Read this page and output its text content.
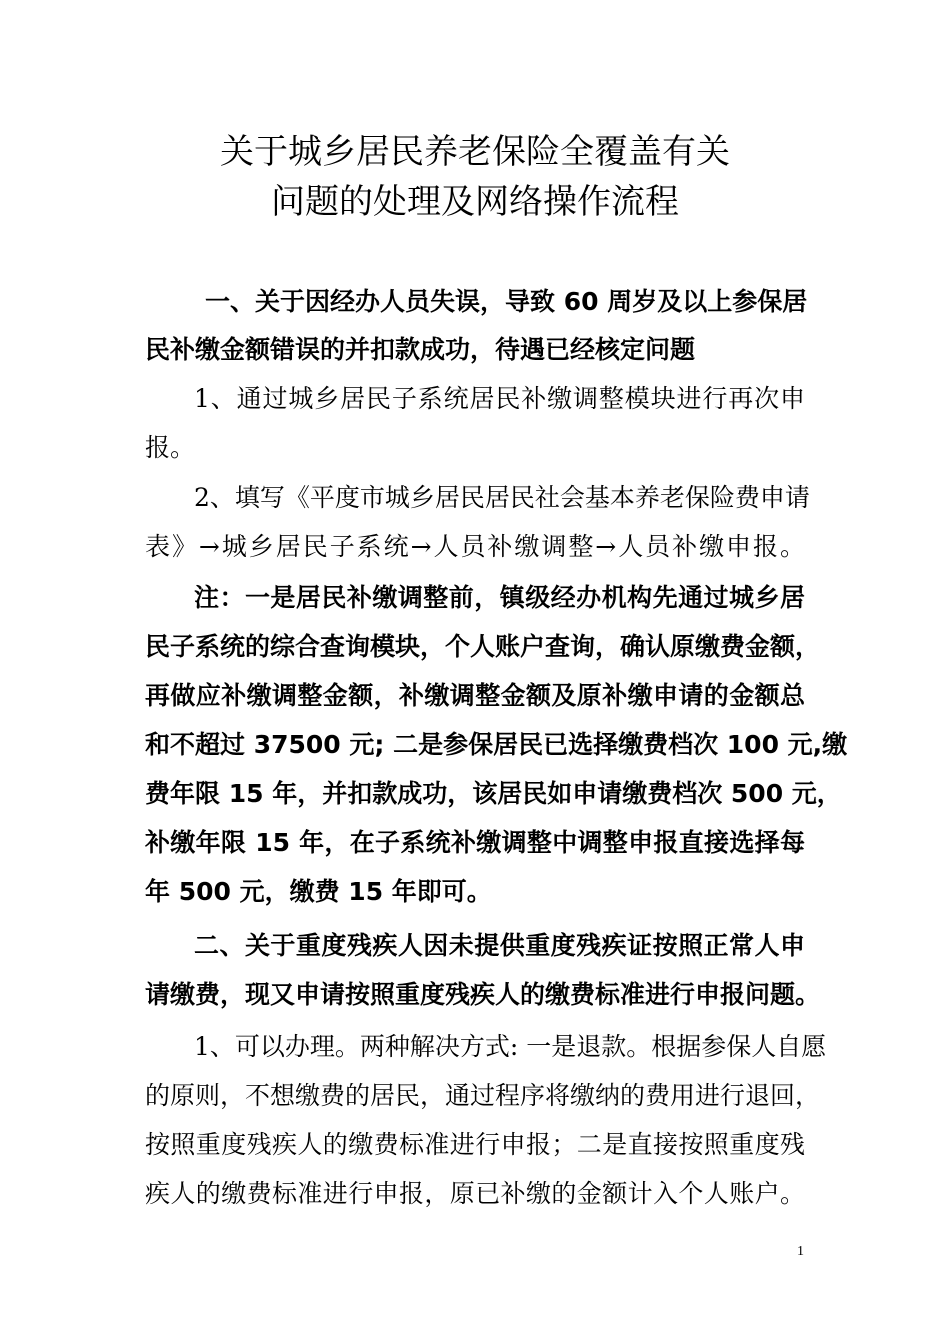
关于城乡居民养老保险全覆盖有关
问题的处理及网络操作流程
一、关于因经办人员失误，导致 60 周岁及以上参保居
民补缴金额错误的并扣款成功，待遇已经核定问题
1、通过城乡居民子系统居民补缴调整模块进行再次申
报。
2、填写《平度市城乡居民居民社会基本养老保险费申请
表》→城乡居民子系统→人员补缴调整→人员补缴申报。
注：一是居民补缴调整前，镇级经办机构先通过城乡居
民子系统的综合查询模块，个人账户查询，确认原缴费金额，
再做应补缴调整金额，补缴调整金额及原补缴申请的金额总
和不超过 37500 元; 二是参保居民已选择缴费档次 100 元,缴
费年限 15 年，并扣款成功，该居民如申请缴费档次 500 元，
补缴年限 15 年，在子系统补缴调整中调整申报直接选择每
年 500 元，缴费 15 年即可。
二、关于重度残疾人因未提供重度残疾证按照正常人申
请缴费，现又申请按照重度残疾人的缴费标准进行申报问题。
1、可以办理。两种解决方式: 一是退款。根据参保人自愿
的原则，不想缴费的居民，通过程序将缴纳的费用进行退回，
按照重度残疾人的缴费标准进行申报；二是直接按照重度残
疾人的缴费标准进行申报，原已补缴的金额计入个人账户。
1
